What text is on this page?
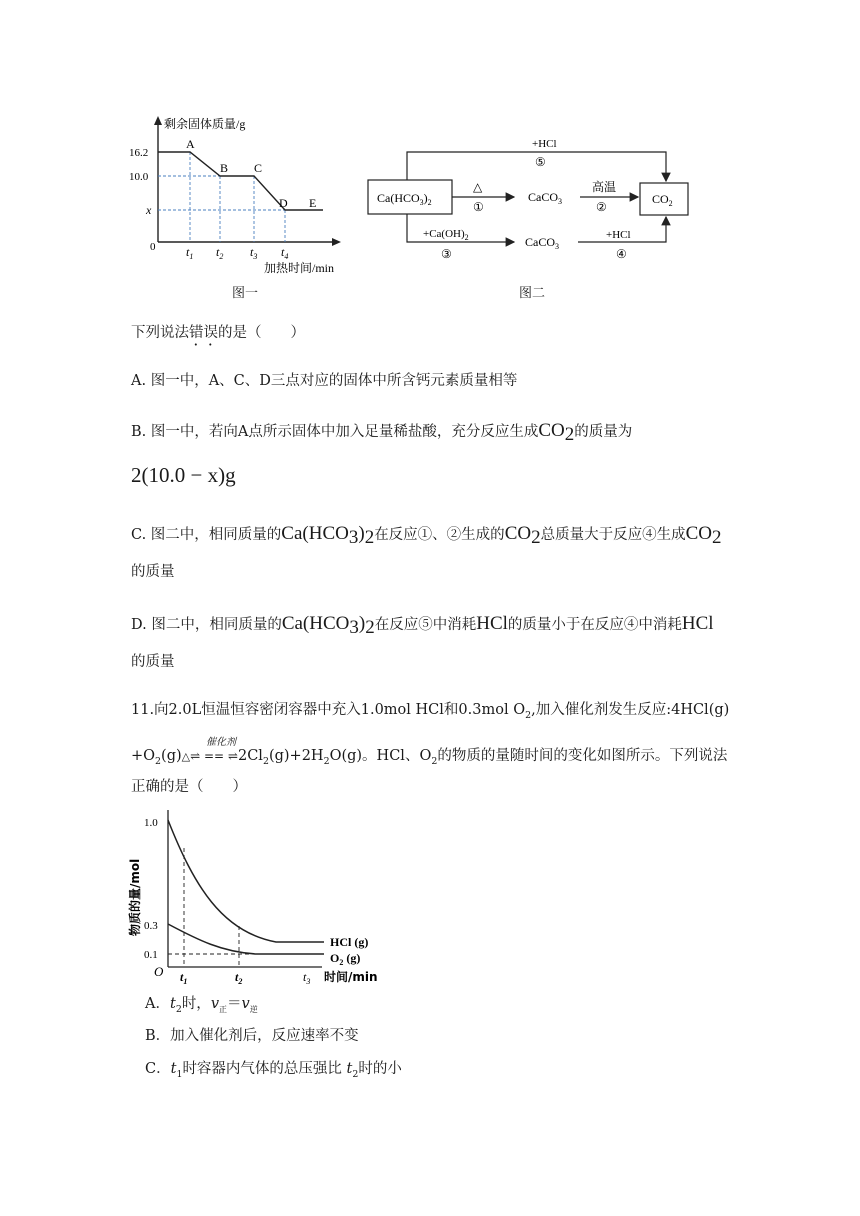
剩余固体质量/g
16.2
10.0
x
0
A
B C
D E
$t_1$ $t_2$ $t_3$ $t_4$
加热时间/min
图一
$Ca(HCO_3)_2$	$CO_2$
+HCl
⑤
△
①
CaCO$_3$
高温
②
$+Ca(OH)_2$
③
CaCO$_3$
+HCl
④
图二
下列说法错误的是（　　）
A. 图一中，A、C、D三点对应的固体中所含钙元素质量相等
B. 图一中，若向A点所示固体中加入足量稀盐酸，充分反应生成$CO_2$的质量为
2(10.0 − x)g
C. 图二中，相同质量的$Ca(HCO_3)_2$在反应①、②生成的$CO_2$总质量大于反应④生成$CO_2$
的质量
D. 图二中，相同质量的$Ca(HCO_3)_2$在反应⑤中消耗HCl的质量小于在反应④中消耗HCl
的质量
11.向2.0L恒温恒容密闭容器中充入1.0mol HCl和0.3mol $O_2$,加入催化剂发生反应:4HCl(g)
催化剂
$+O_2(g)\triangle\rightleftharpoons$ == $\rightleftharpoons 2Cl_2(g)+2H_2O(g)$。HCl、$O_2$的物质的量随时间的变化如图所示。下列说法
正确的是（　　）
1.0
0.3
0.1
O $t_1$	$t_2$	$t_3$ 时间/min
物质的量/mol
HCl (g)
$O_2$ (g)
A．$t_2$时，$v_正=v_逆$
B．加入催化剂后，反应速率不变
C．$t_1$时容器内气体的总压强比 $t_2$时的小
